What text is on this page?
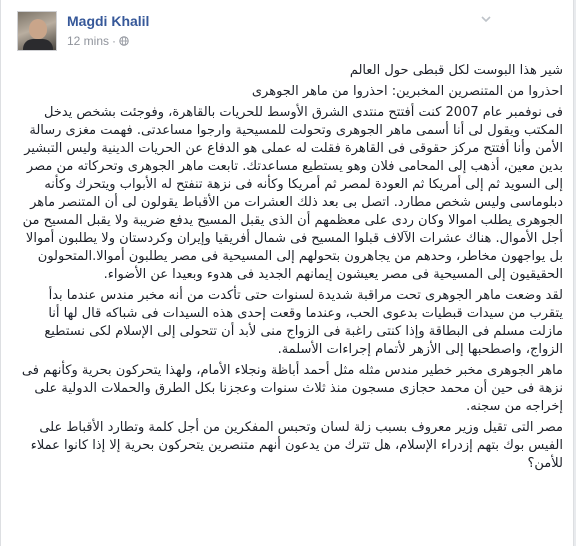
Magdi Khalil
12 mins ·

شير هذا البوست لكل قبطى حول العالم

احذروا من المتنصرين المخبرين: احذروا من ماهر الجوهرى

فى نوفمبر عام 2007 كنت أفتتح منتدى الشرق الأوسط للحريات بالقاهرة، وفوجئت بشخص يدخل المكتب ويقول لى أنا أسمى ماهر الجوهرى وتحولت للمسيحية وارجوا مساعدتى. فهمت مغزى رسالة الأمن وأنا أفتتح مركز حقوقى فى القاهرة فقلت له عملى هو الدفاع عن الحريات الدينية وليس التبشير بدين معين، أذهب إلى المحامى فلان وهو يستطيع مساعدتك. تابعت ماهر الجوهرى وتحركاته من مصر إلى السويد ثم إلى أمريكا ثم العودة لمصر ثم أمريكا وكأنه فى نزهة تنفتح له الأبواب ويتحرك وكأنه دبلوماسى وليس شخص مطارد. اتصل بى بعد ذلك العشرات من الأقباط يقولون لى أن المتنصر ماهر الجوهرى يطلب اموالا وكان ردى على معظمهم أن الذى يقبل المسيح يدفع ضريبة ولا يقبل المسيح من أجل الأموال. هناك عشرات الآلاف قبلوا المسيح فى شمال أفريقيا وإيران وكردستان ولا يطلبون أموالا بل يواجهون مخاطر، وحدهم من يجاهرون بتحولهم إلى المسيحية فى مصر يطلبون أموالا.المتحولون الحقيقيون إلى المسيحية فى مصر يعيشون إيمانهم الجديد فى هدوء وبعيدا عن الأضواء.

لقد وضعت ماهر الجوهرى تحت مراقبة شديدة لسنوات حتى تأكدت من أنه مخبر مندس عندما بدأ يتقرب من سيدات قبطيات بدعوى الحب، وعندما وقعت إحدى هذه السيدات فى شباكه قال لها أنا مازلت مسلم فى البطاقة وإذا كنتى راغبة فى الزواج منى لأبد أن تتحولى إلى الإسلام لكى نستطيع الزواج، واصطحبها إلى الأزهر لأتمام إجراءات الأسلمة.

ماهر الجوهرى مخبر خطير مندس مثله مثل أحمد أباظة ونجلاء الأمام، ولهذا يتحركون بحرية وكأنهم فى نزهة فى حين أن محمد حجازى مسجون منذ ثلاث سنوات وعجزنا بكل الطرق والحملات الدولية على إخراجه من سجنه.

مصر التى تقيل وزير معروف بسبب زلة لسان وتحبس المفكرين من أجل كلمة وتطارد الأقباط على الفيس بوك بتهم إزدراء الإسلام، هل تترك من يدعون أنهم متنصرين يتحركون بحرية إلا إذا كانوا عملاء للأمن؟
